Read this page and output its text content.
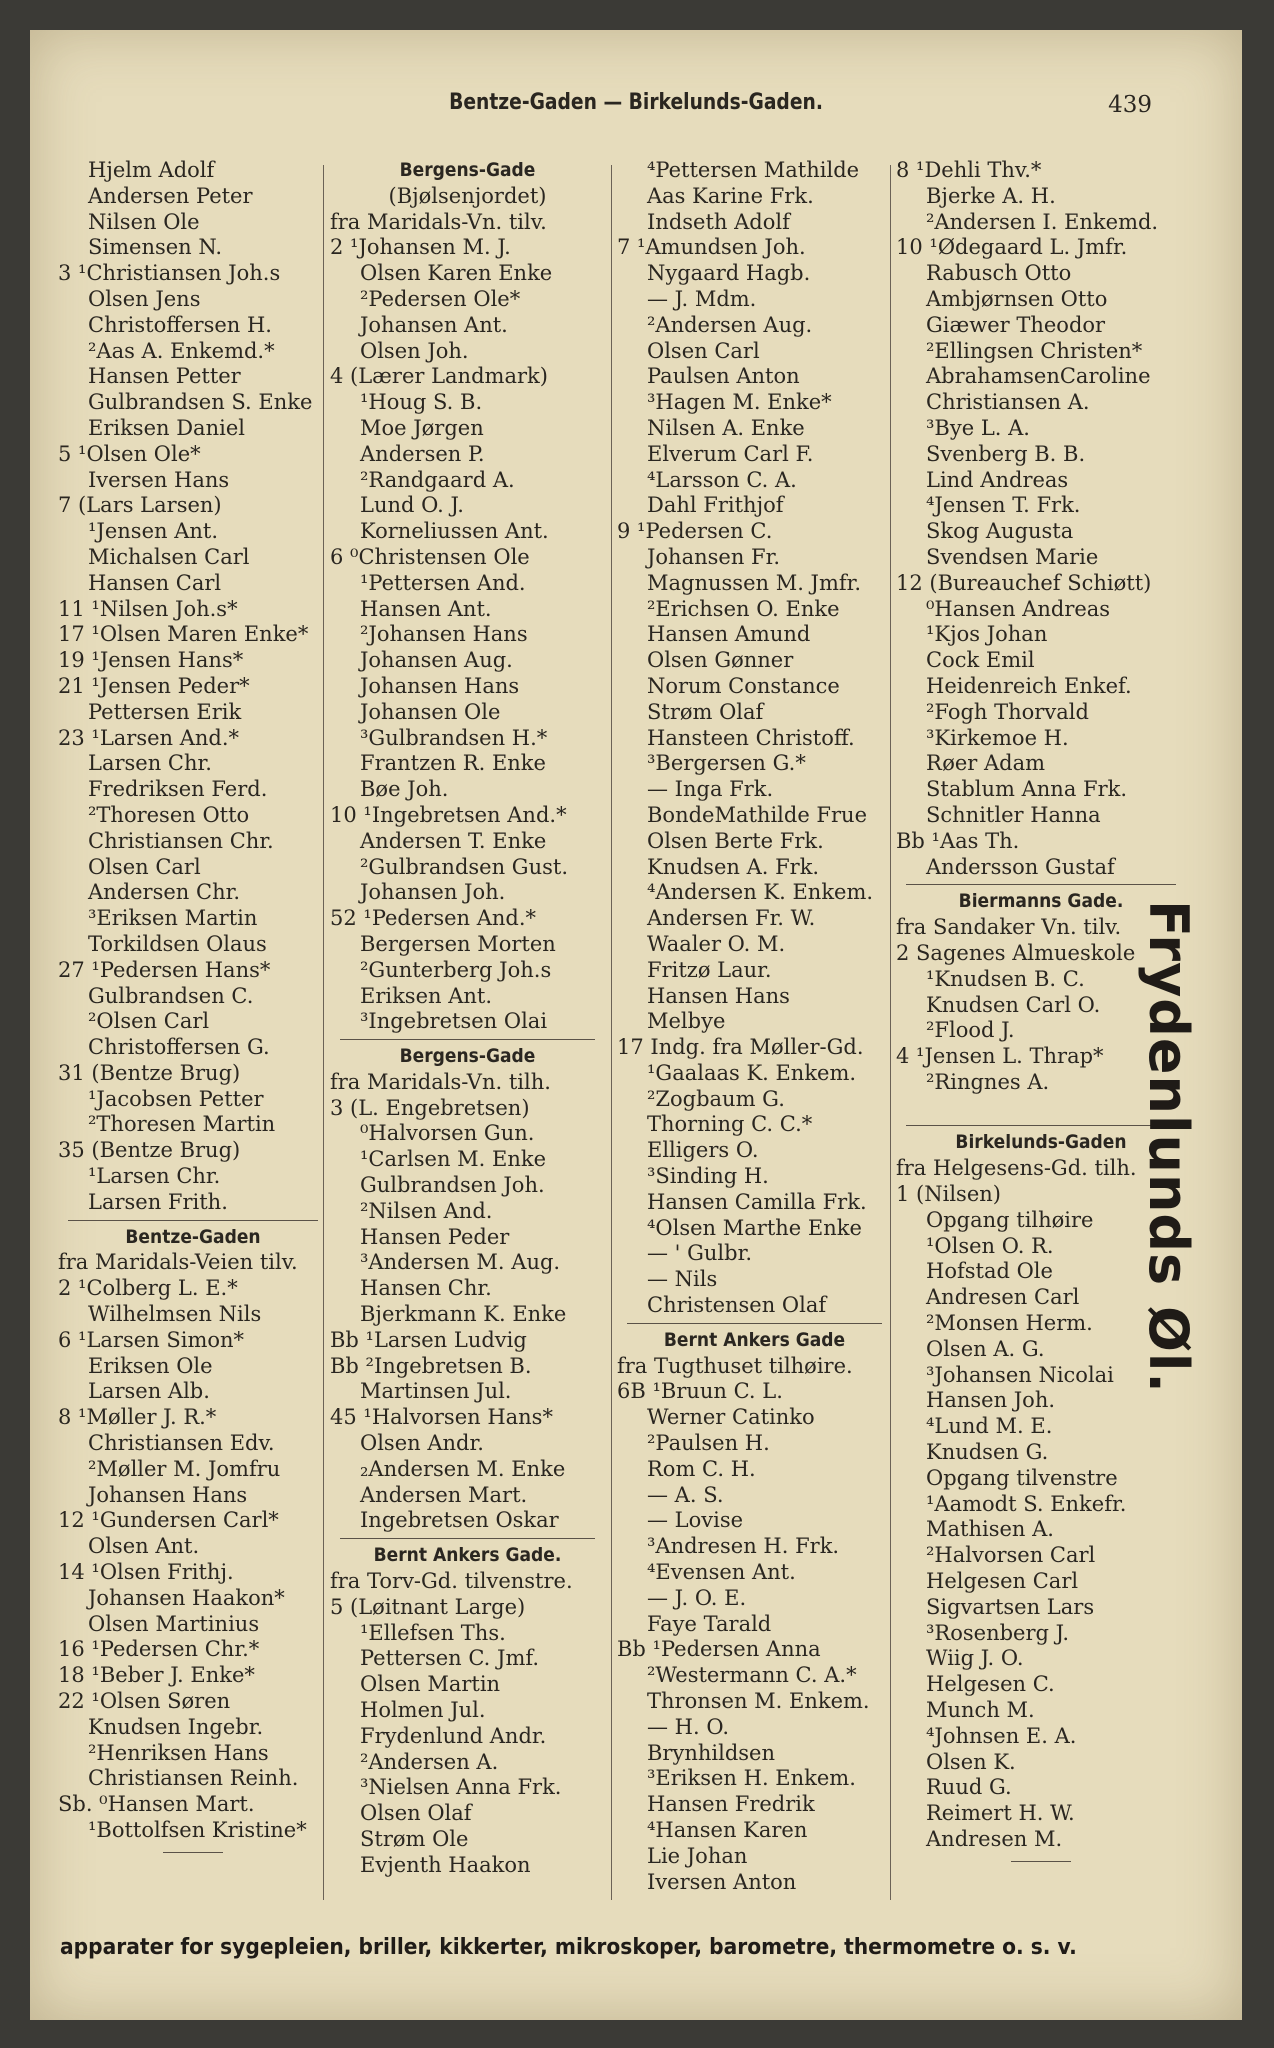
Bentze-Gaden — Birkelunds-Gaden.	439
Hjelm Adolf
Andersen Peter
Nilsen Ole
Simensen N.
3 ¹Christiansen Joh.s
Olsen Jens
Christoffersen H.
²Aas A. Enkemd.*
Hansen Petter
Gulbrandsen S. Enke
Eriksen Daniel
5 ¹Olsen Ole*
Iversen Hans
7 (Lars Larsen)
¹Jensen Ant.
Michalsen Carl
Hansen Carl
11 ¹Nilsen Joh.s*
17 ¹Olsen Maren Enke*
19 ¹Jensen Hans*
21 ¹Jensen Peder*
Pettersen Erik
23 ¹Larsen And.*
Larsen Chr.
Fredriksen Ferd.
²Thoresen Otto
Christiansen Chr.
Olsen Carl
Andersen Chr.
³Eriksen Martin
Torkildsen Olaus
27 ¹Pedersen Hans*
Gulbrandsen C.
²Olsen Carl
Christoffersen G.
31 (Bentze Brug)
¹Jacobsen Petter
²Thoresen Martin
35 (Bentze Brug)
¹Larsen Chr.
Larsen Frith.
Bentze-Gaden
fra Maridals-Veien tilv.
2 ¹Colberg L. E.*
Wilhelmsen Nils
6 ¹Larsen Simon*
Eriksen Ole
Larsen Alb.
8 ¹Møller J. R.*
Christiansen Edv.
²Møller M. Jomfru
Johansen Hans
12 ¹Gundersen Carl*
Olsen Ant.
14 ¹Olsen Frithj.
Johansen Haakon*
Olsen Martinius
16 ¹Pedersen Chr.*
18 ¹Beber J. Enke*
22 ¹Olsen Søren
Knudsen Ingebr.
²Henriksen Hans
Christiansen Reinh.
Sb. ⁰Hansen Mart.
¹Bottolfsen Kristine*
Bergens-Gade
(Bjølsenjordet)
fra Maridals-Vn. tilv.
2 ¹Johansen M. J.
Olsen Karen Enke
²Pedersen Ole*
Johansen Ant.
Olsen Joh.
4 (Lærer Landmark)
¹Houg S. B.
Moe Jørgen
Andersen P.
²Randgaard A.
Lund O. J.
Korneliussen Ant.
6 ⁰Christensen Ole
¹Pettersen And.
Hansen Ant.
²Johansen Hans
Johansen Aug.
Johansen Hans
Johansen Ole
³Gulbrandsen H.*
Frantzen R. Enke
Bøe Joh.
10 ¹Ingebretsen And.*
Andersen T. Enke
²Gulbrandsen Gust.
Johansen Joh.
52 ¹Pedersen And.*
Bergersen Morten
²Gunterberg Joh.s
Eriksen Ant.
³Ingebretsen Olai
Bergens-Gade
fra Maridals-Vn. tilh.
3 (L. Engebretsen)
⁰Halvorsen Gun.
¹Carlsen M. Enke
Gulbrandsen Joh.
²Nilsen And.
Hansen Peder
³Andersen M. Aug.
Hansen Chr.
Bjerkmann K. Enke
Bb ¹Larsen Ludvig
Bb ²Ingebretsen B.
Martinsen Jul.
45 ¹Halvorsen Hans*
Olsen Andr.
₂Andersen M. Enke
Andersen Mart.
Ingebretsen Oskar
Bernt Ankers Gade.
fra Torv-Gd. tilvenstre.
5 (Løitnant Large)
¹Ellefsen Ths.
Pettersen C. Jmf.
Olsen Martin
Holmen Jul.
Frydenlund Andr.
²Andersen A.
³Nielsen Anna Frk.
Olsen Olaf
Strøm Ole
Evjenth Haakon
⁴Pettersen Mathilde
Aas Karine Frk.
Indseth Adolf
7 ¹Amundsen Joh.
Nygaard Hagb.
— J. Mdm.
²Andersen Aug.
Olsen Carl
Paulsen Anton
³Hagen M. Enke*
Nilsen A. Enke
Elverum Carl F.
⁴Larsson C. A.
Dahl Frithjof
9 ¹Pedersen C.
Johansen Fr.
Magnussen M. Jmfr.
²Erichsen O. Enke
Hansen Amund
Olsen Gønner
Norum Constance
Strøm Olaf
Hansteen Christoff.
³Bergersen G.*
— Inga Frk.
BondeMathilde Frue
Olsen Berte Frk.
Knudsen A. Frk.
⁴Andersen K. Enkem.
Andersen Fr. W.
Waaler O. M.
Fritzø Laur.
Hansen Hans
Melbye
17 Indg. fra Møller-Gd.
¹Gaalaas K. Enkem.
²Zogbaum G.
Thorning C. C.*
Elligers O.
³Sinding H.
Hansen Camilla Frk.
⁴Olsen Marthe Enke
— ' Gulbr.
— Nils
Christensen Olaf
Bernt Ankers Gade
fra Tugthuset tilhøire.
6B ¹Bruun C. L.
Werner Catinko
²Paulsen H.
Rom C. H.
— A. S.
— Lovise
³Andresen H. Frk.
⁴Evensen Ant.
— J. O. E.
Faye Tarald
Bb ¹Pedersen Anna
²Westermann C. A.*
Thronsen M. Enkem.
— H. O.
Brynhildsen
³Eriksen H. Enkem.
Hansen Fredrik
⁴Hansen Karen
Lie Johan
Iversen Anton
8 ¹Dehli Thv.*
Bjerke A. H.
²Andersen I. Enkemd.
10 ¹Ødegaard L. Jmfr.
Rabusch Otto
Ambjørnsen Otto
Giæwer Theodor
²Ellingsen Christen*
AbrahamsenCaroline
Christiansen A.
³Bye L. A.
Svenberg B. B.
Lind Andreas
⁴Jensen T. Frk.
Skog Augusta
Svendsen Marie
12 (Bureauchef Schiøtt)
⁰Hansen Andreas
¹Kjos Johan
Cock Emil
Heidenreich Enkef.
²Fogh Thorvald
³Kirkemoe H.
Røer Adam
Stablum Anna Frk.
Schnitler Hanna
Bb ¹Aas Th.
Andersson Gustaf
Biermanns Gade.
fra Sandaker Vn. tilv.
2 Sagenes Almueskole
¹Knudsen B. C.
Knudsen Carl O.
²Flood J.
4 ¹Jensen L. Thrap*
²Ringnes A.
Birkelunds-Gaden
fra Helgesens-Gd. tilh.
1 (Nilsen)
Opgang tilhøire
¹Olsen O. R.
Hofstad Ole
Andresen Carl
²Monsen Herm.
Olsen A. G.
³Johansen Nicolai
Hansen Joh.
⁴Lund M. E.
Knudsen G.
Opgang tilvenstre
¹Aamodt S. Enkefr.
Mathisen A.
²Halvorsen Carl
Helgesen Carl
Sigvartsen Lars
³Rosenberg J.
Wiig J. O.
Helgesen C.
Munch M.
⁴Johnsen E. A.
Olsen K.
Ruud G.
Reimert H. W.
Andresen M.
Frydenlunds Øl.
apparater for sygepleien, briller, kikkerter, mikroskoper, barometre, thermometre o. s. v.
